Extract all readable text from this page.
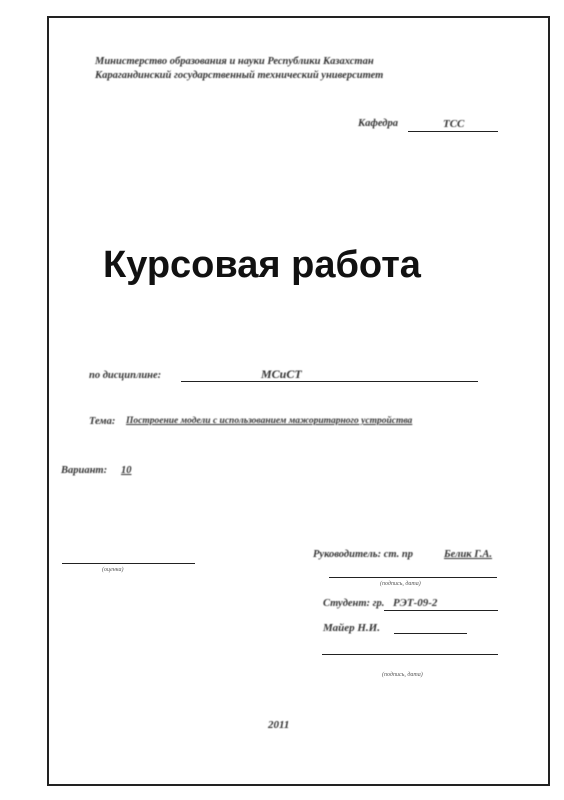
Министерство образования и науки Республики Казахстан
Карагандинский государственный технический университет
Кафедра	ТСС
Курсовая работа
по дисциплине:	МСиСТ
Тема: Построение модели с использованием мажоритарного устройства
Вариант: 10
(оценка)
Руководитель: ст. пр	Белик Г.А.
(подпись, дата)
Студент: гр. РЭТ-09-2
Майер Н.И.
(подпись, дата)
2011
